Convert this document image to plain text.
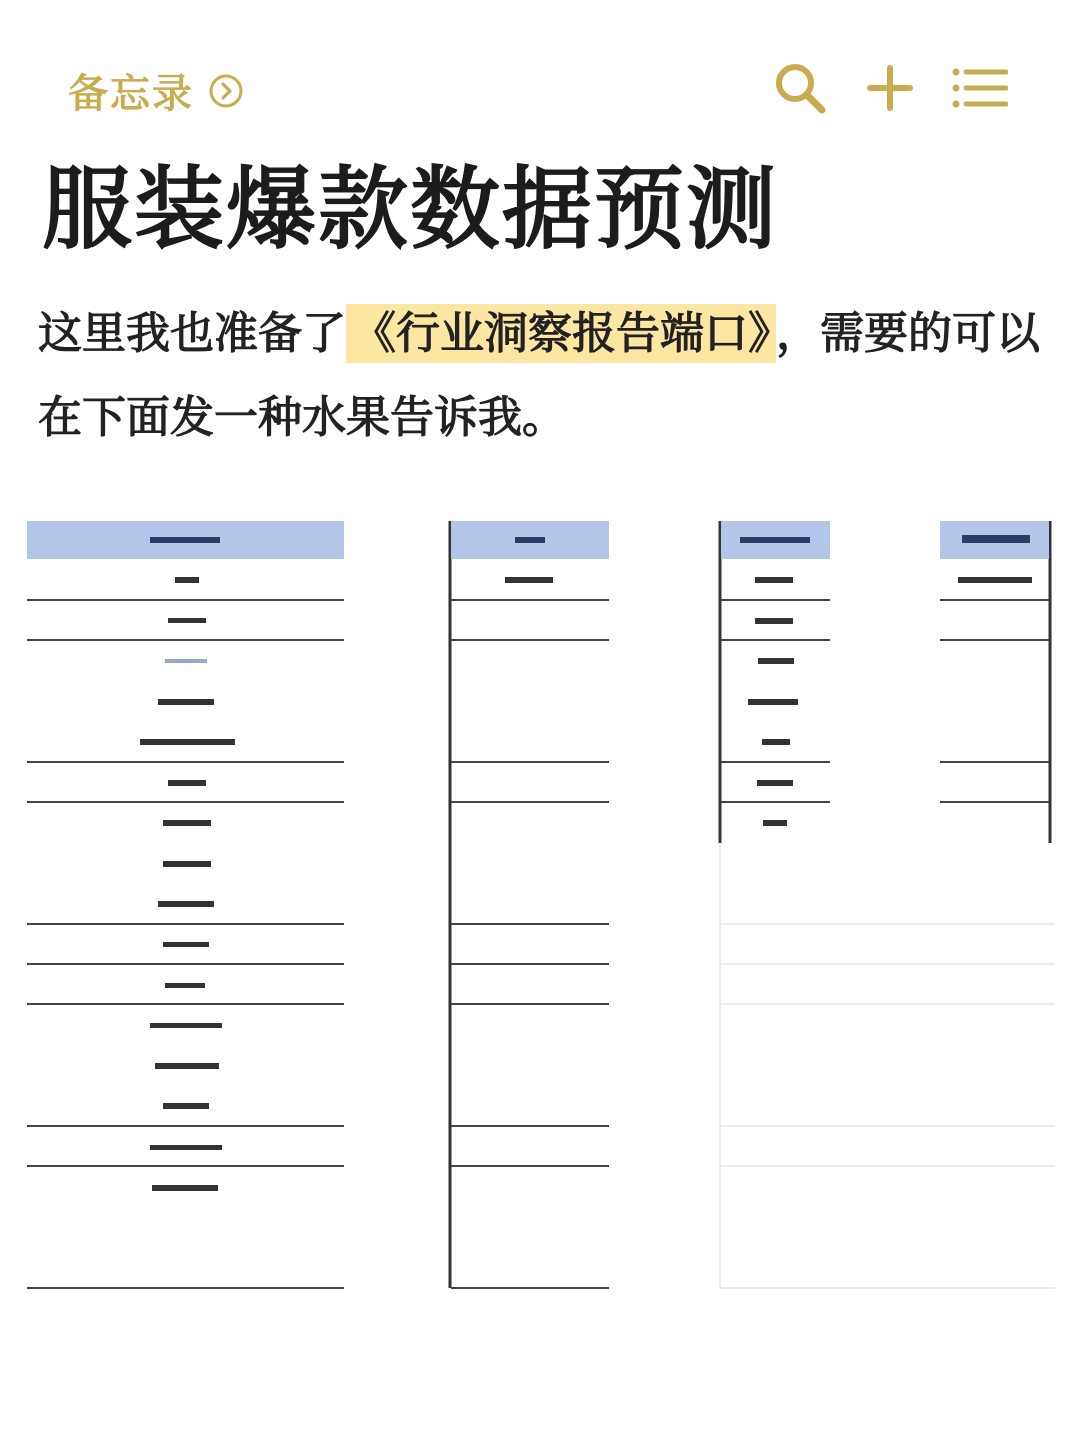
备忘录
服装爆款数据预测
这里我也准备了 《行业洞察报告端口》 ，需要的可以在下面发一种水果告诉我。
